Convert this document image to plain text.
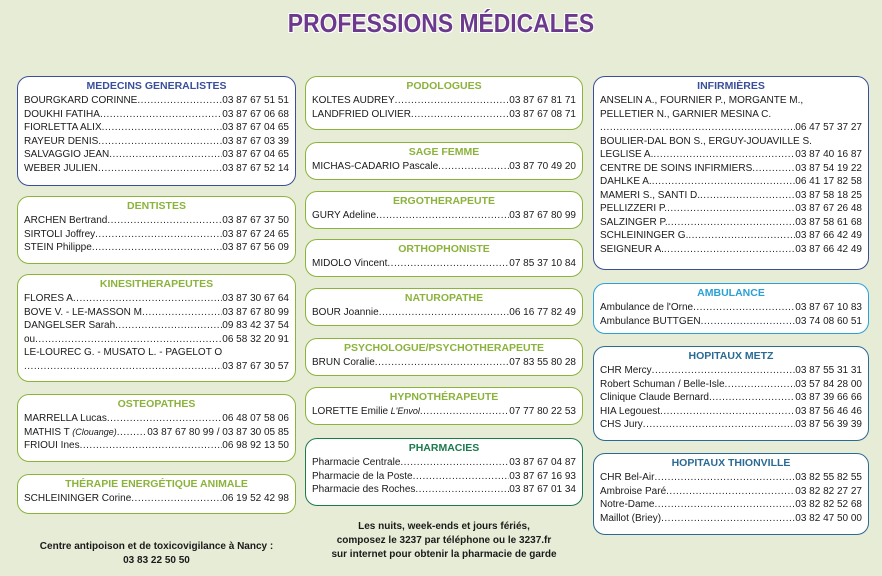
PROFESSIONS MÉDICALES
MEDECINS GENERALISTES
BOURGKARD CORINNE .....	03 87 67 51 51
DOUKHI FATIHA .....	03 87 67 06 68
FIORLETTA ALIX .....	03 87 67 04 65
RAYEUR DENIS .....	03 87 67 03 39
SALVAGGIO JEAN .....	03 87 67 04 65
WEBER JULIEN .....	03 87 67 52 14
DENTISTES
ARCHEN Bertrand .....	03 87 67 37 50
SIRTOLI Joffrey .....	03 87 67 24 65
STEIN Philippe .....	03 87 67 56 09
KINESITHERAPEUTES
FLORES A .....	03 87 30 67 64
BOVE V. - LE-MASSON M .....	03 87 67 80 99
DANGELSER Sarah .....	09 83 42 37 54
ou .....	06 58 32 20 91
LE-LOUREC G. - MUSATO L. - PAGELOT O
.....
03 87 67 30 57
OSTEOPATHES
MARRELLA Lucas .....	06 48 07 58 06
MATHIS T (Clouange) .....	03 87 67 80 99 / 03 87 30 05 85
FRIOUI Ines .....	06 98 92 13 50
THÉRAPIE ENERGÉTIQUE ANIMALE
SCHLEININGER Corine .....	06 19 52 42 98
Centre antipoison et de toxicovigilance à Nancy :
03 83 22 50 50
PODOLOGUES
KOLTES AUDREY .....	03 87 67 81 71
LANDFRIED OLIVIER .....	03 87 67 08 71
SAGE FEMME
MICHAS-CADARIO Pascale .....	03 87 70 49 20
ERGOTHERAPEUTE
GURY Adeline .....	03 87 67 80 99
ORTHOPHONISTE
MIDOLO Vincent .....	07 85 37 10 84
NATUROPATHE
BOUR Joannie .....	06 16 77 82 49
PSYCHOLOGUE/PSYCHOTHERAPEUTE
BRUN Coralie .....	07 83 55 80 28
HYPNOTHÉRAPEUTE
LORETTE Emilie L'Envol .....	07 77 80 22 53
PHARMACIES
Pharmacie Centrale .....	03 87 67 04 87
Pharmacie de la Poste .....	03 87 67 16 93
Pharmacie des Roches .....	03 87 67 01 34
Les nuits, week-ends et jours fériés,
composez le 3237 par téléphone ou le 3237.fr
sur internet pour obtenir la pharmacie de garde
INFIRMIÈRES
ANSELIN A., FOURNIER P., MORGANTE M.,
PELLETIER N., GARNIER MESINA C.
.....
06 47 57 37 27
BOULIER-DAL BON S., ERGUY-JOUAVILLE S.
LEGLISE A. .....	03 87 40 16 87
CENTRE DE SOINS INFIRMIERS .....	03 87 54 19 22
DAHLKE A. .....	06 41 17 82 58
MAMERI S., SANTI D. .....	03 87 58 18 25
PELLIZZERI P. .....	03 87 67 26 48
SALZINGER P. .....	03 87 58 61 68
SCHLEININGER G. .....	03 87 66 42 49
SEIGNEUR A. .....	03 87 66 42 49
AMBULANCE
Ambulance de l'Orne .....	03 87 67 10 83
Ambulance BUTTGEN .....	03 74 08 60 51
HOPITAUX METZ
CHR Mercy .....	03 87 55 31 31
Robert Schuman / Belle-Isle .....	03 57 84 28 00
Clinique Claude Bernard .....	03 87 39 66 66
HIA Legouest .....	03 87 56 46 46
CHS Jury .....	03 87 56 39 39
HOPITAUX THIONVILLE
CHR Bel-Air .....	03 82 55 82 55
Ambroise Paré .....	03 82 82 27 27
Notre-Dame .....	03 82 82 52 68
Maillot (Briey) .....	03 82 47 50 00
